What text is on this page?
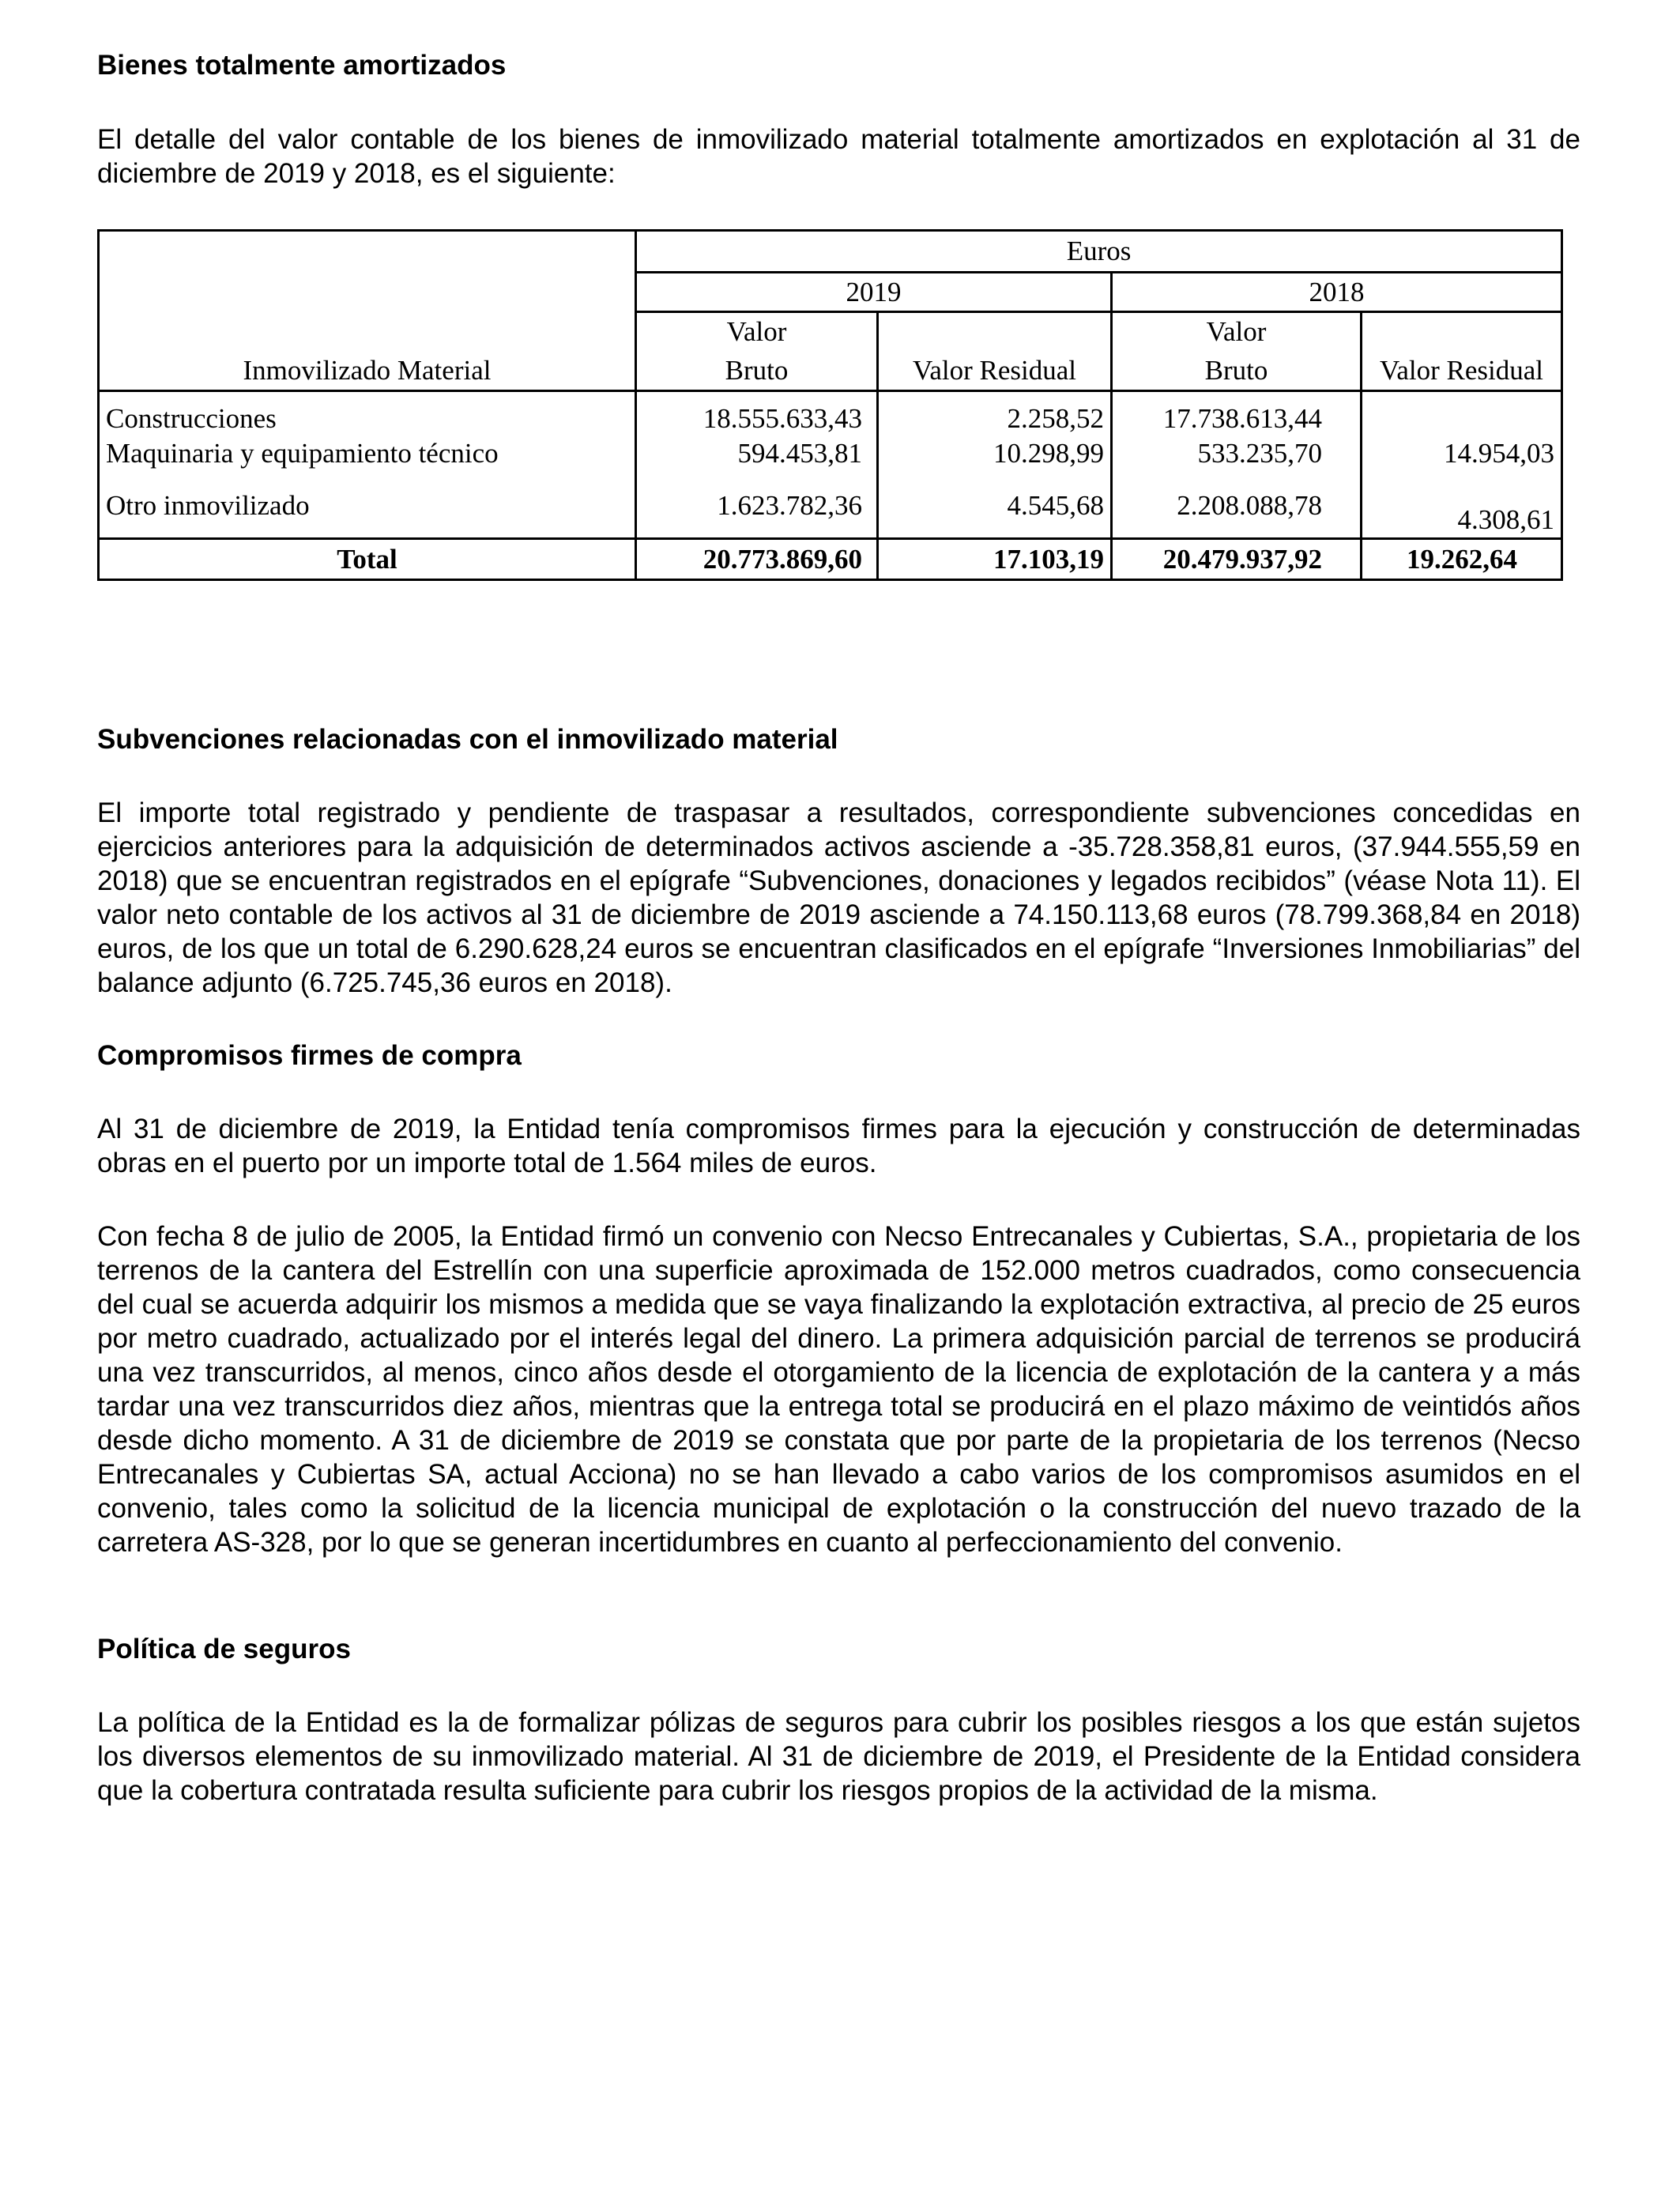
Bienes totalmente amortizados

El detalle del valor contable de los bienes de inmovilizado material totalmente amortizados en explotación al 31 de diciembre de 2019 y 2018, es el siguiente:

	Euros			
	2019		2018	
	Valor		Valor	
Inmovilizado Material	Bruto	Valor Residual	Bruto	Valor Residual
Construcciones	18.555.633,43	2.258,52	17.738.613,44	
Maquinaria y equipamiento técnico	594.453,81	10.298,99	533.235,70	14.954,03
Otro inmovilizado	1.623.782,36	4.545,68	2.208.088,78	4.308,61
Total	20.773.869,60	17.103,19	20.479.937,92	19.262,64
Subvenciones relacionadas con el inmovilizado material

El importe total registrado y pendiente de traspasar a resultados, correspondiente subvenciones concedidas en ejercicios anteriores para la adquisición de determinados activos asciende a -35.728.358,81 euros, (37.944.555,59 en 2018) que se encuentran registrados en el epígrafe “Subvenciones, donaciones y legados recibidos” (véase Nota 11). El valor neto contable de los activos al 31 de diciembre de 2019 asciende a 74.150.113,68 euros (78.799.368,84 en 2018) euros, de los que un total de 6.290.628,24 euros se encuentran clasificados en el epígrafe “Inversiones Inmobiliarias” del balance adjunto (6.725.745,36 euros en 2018).

Compromisos firmes de compra

Al 31 de diciembre de 2019, la Entidad tenía compromisos firmes para la ejecución y construcción de determinadas obras en el puerto por un importe total de 1.564 miles de euros.

Con fecha 8 de julio de 2005, la Entidad firmó un convenio con Necso Entrecanales y Cubiertas, S.A., propietaria de los terrenos de la cantera del Estrellín con una superficie aproximada de 152.000 metros cuadrados, como consecuencia del cual se acuerda adquirir los mismos a medida que se vaya finalizando la explotación extractiva, al precio de 25 euros por metro cuadrado, actualizado por el interés legal del dinero. La primera adquisición parcial de terrenos se producirá una vez transcurridos, al menos, cinco años desde el otorgamiento de la licencia de explotación de la cantera y a más tardar una vez transcurridos diez años, mientras que la entrega total se producirá en el plazo máximo de veintidós años desde dicho momento. A 31 de diciembre de 2019 se constata que por parte de la propietaria de los terrenos (Necso Entrecanales y Cubiertas SA, actual Acciona) no se han llevado a cabo varios de los compromisos asumidos en el convenio, tales como la solicitud de la licencia municipal de explotación o la construcción del nuevo trazado de la carretera AS-328, por lo que se generan incertidumbres en cuanto al perfeccionamiento del convenio.

Política de seguros

La política de la Entidad es la de formalizar pólizas de seguros para cubrir los posibles riesgos a los que están sujetos los diversos elementos de su inmovilizado material. Al 31 de diciembre de 2019, el Presidente de la Entidad considera que la cobertura contratada resulta suficiente para cubrir los riesgos propios de la actividad de la misma.
